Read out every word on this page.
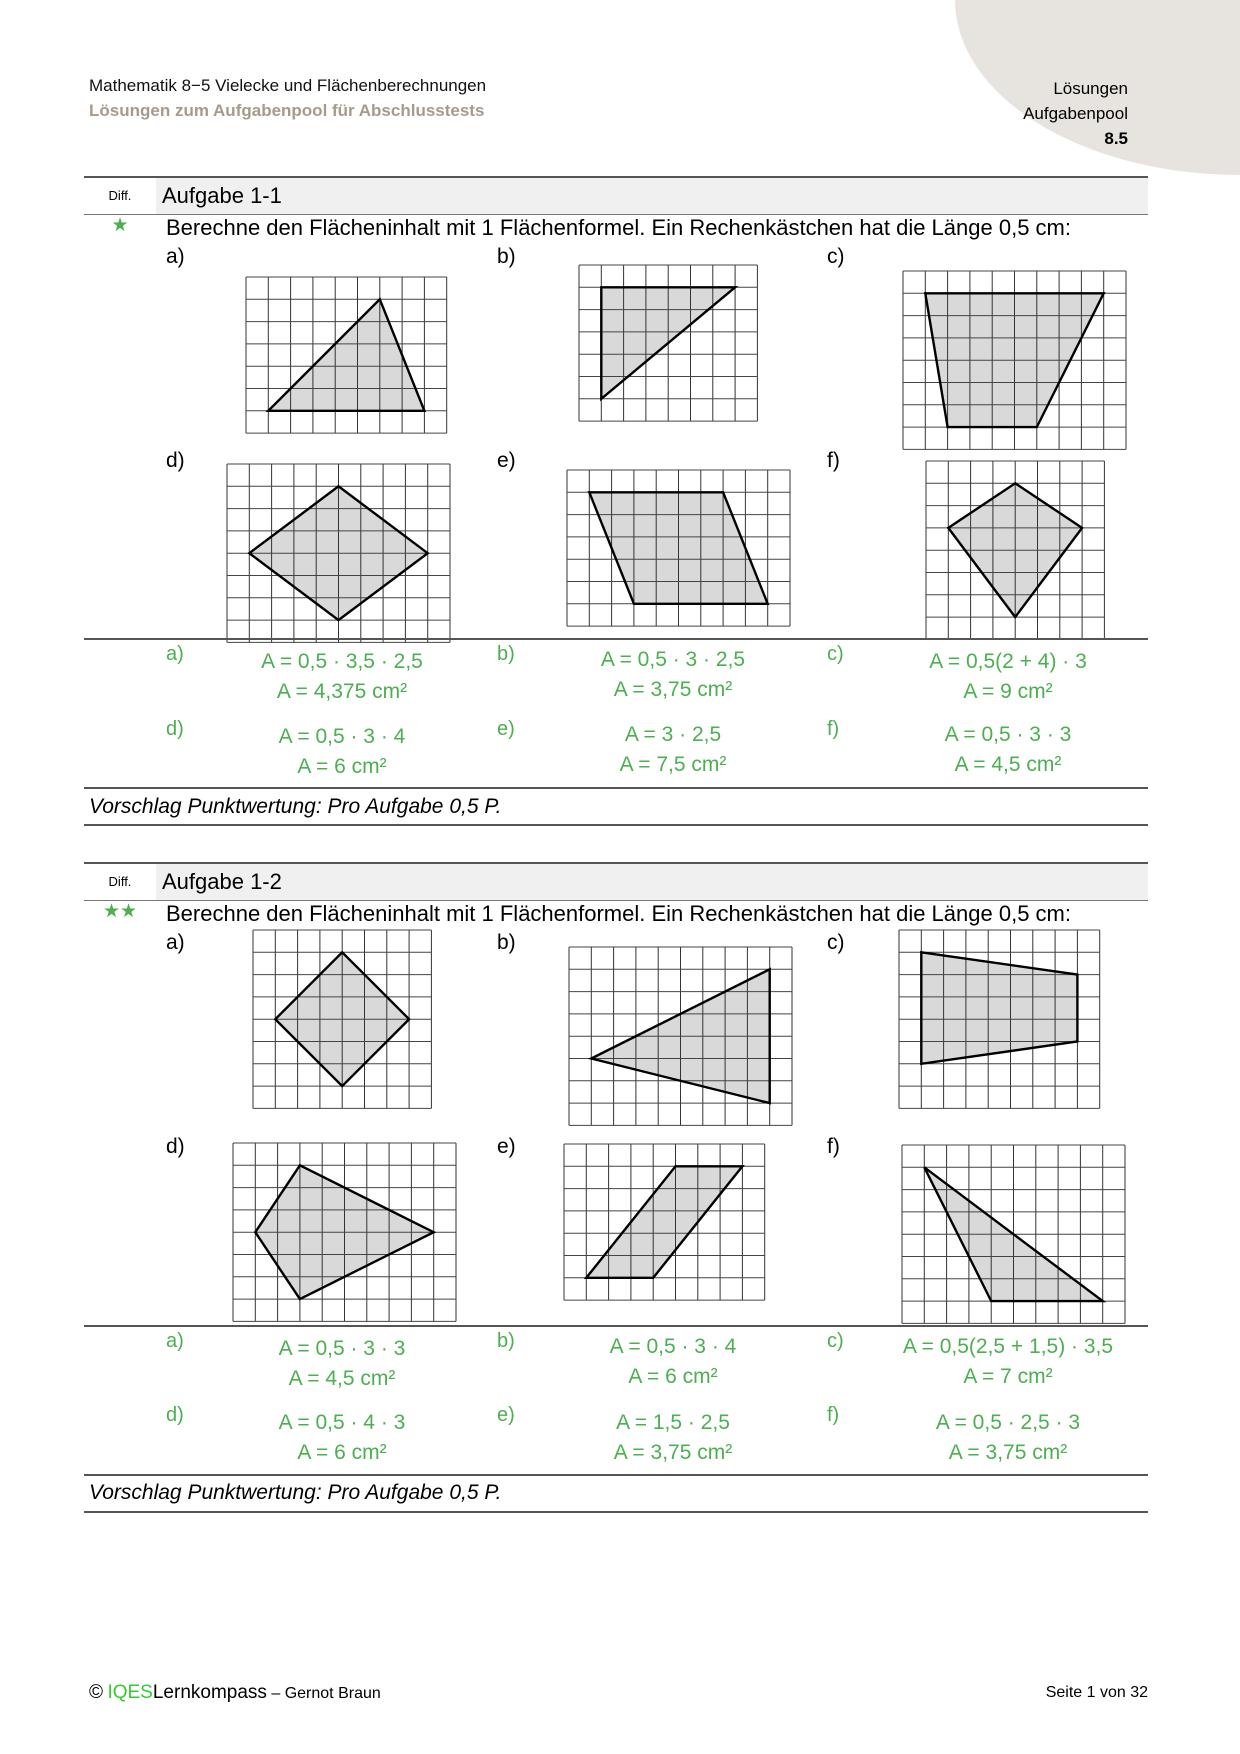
Mathematik 8−5 Vielecke und Flächenberechnungen
Lösungen zum Aufgabenpool für Abschlusstests
Lösungen
Aufgabenpool
8.5
Diff.	Aufgabe 1-1
★	Berechne den Flächeninhalt mit 1 Flächenformel. Ein Rechenkästchen hat die Länge 0,5 cm:
a)	b)	c)
d)	e)	f)
a)	A = 0,5 · 3,5 · 2,5
A = 4,375 cm²
b)	A = 0,5 · 3 · 2,5
A = 3,75 cm²
c)	A = 0,5(2 + 4) · 3
A = 9 cm²
d)	A = 0,5 · 3 · 4
A = 6 cm²
e)	A = 3 · 2,5
A = 7,5 cm²
f)	A = 0,5 · 3 · 3
A = 4,5 cm²
Vorschlag Punktwertung: Pro Aufgabe 0,5 P.
Diff.	Aufgabe 1-2
★★	Berechne den Flächeninhalt mit 1 Flächenformel. Ein Rechenkästchen hat die Länge 0,5 cm:
a)	b)	c)
d)	e)	f)
a)	A = 0,5 · 3 · 3
A = 4,5 cm²
b)	A = 0,5 · 3 · 4
A = 6 cm²
c)	A = 0,5(2,5 + 1,5) · 3,5
A = 7 cm²
d)	A = 0,5 · 4 · 3
A = 6 cm²
e)	A = 1,5 · 2,5
A = 3,75 cm²
f)	A = 0,5 · 2,5 · 3
A = 3,75 cm²
Vorschlag Punktwertung: Pro Aufgabe 0,5 P.
© IQESLernkompass – Gernot Braun	Seite 1 von 32
